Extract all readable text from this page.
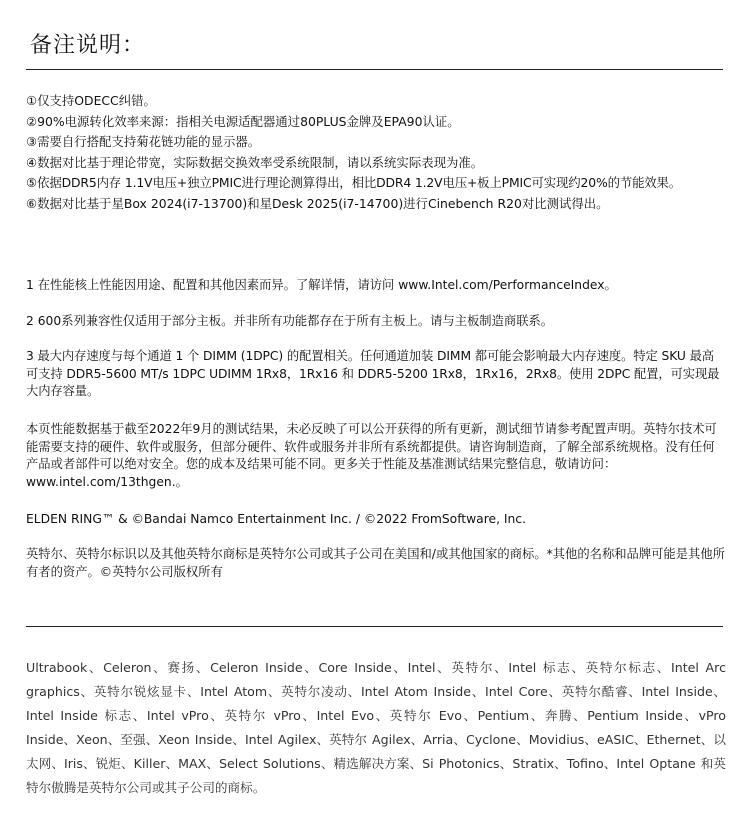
备注说明：
① 仅支持ODECC纠错。
② 90%电源转化效率来源：指相关电源适配器通过80PLUS金牌及EPA90认证。
③ 需要自行搭配支持菊花链功能的显示器。
④ 数据对比基于理论带宽，实际数据交换效率受系统限制，请以系统实际表现为准。
⑤ 依据DDR5内存 1.1V电压+独立PMIC进行理论测算得出，相比DDR4 1.2V电压+板上PMIC可实现约20%的节能效果。
⑥ 数据对比基于星Box 2024(i7-13700)和星Desk 2025(i7-14700)进行Cinebench R20对比测试得出。
1 在性能核上性能因用途、配置和其他因素而异。了解详情，请访问 www.Intel.com/PerformanceIndex。
2 600系列兼容性仅适用于部分主板。并非所有功能都存在于所有主板上。请与主板制造商联系。
3 最大内存速度与每个通道 1 个 DIMM (1DPC) 的配置相关。任何通道加装 DIMM 都可能会影响最大内存速度。特定 SKU 最高可支持 DDR5-5600 MT/s 1DPC UDIMM 1Rx8，1Rx16 和 DDR5-5200 1Rx8，1Rx16，2Rx8。使用 2DPC 配置，可实现最大内存容量。
本页性能数据基于截至2022年9月的测试结果，未必反映了可以公开获得的所有更新，测试细节请参考配置声明。英特尔技术可能需要支持的硬件、软件或服务，但部分硬件、软件或服务并非所有系统都提供。请咨询制造商，了解全部系统规格。没有任何产品或者部件可以绝对安全。您的成本及结果可能不同。更多关于性能及基准测试结果完整信息，敬请访问： www.intel.com/13thgen.。
ELDEN RING™ & ©Bandai Namco Entertainment Inc. / ©2022 FromSoftware, Inc.
英特尔、英特尔标识以及其他英特尔商标是英特尔公司或其子公司在美国和/或其他国家的商标。*其他的名称和品牌可能是其他所有者的资产。©英特尔公司版权所有
Ultrabook、Celeron、赛扬、Celeron Inside、Core Inside、Intel、英特尔、Intel 标志、英特尔标志、Intel Arc graphics、英特尔锐炫显卡、Intel Atom、英特尔凌动、Intel Atom Inside、Intel Core、英特尔酷睿、Intel Inside、Intel Inside 标志、Intel vPro、英特尔 vPro、Intel Evo、英特尔 Evo、Pentium、奔腾、Pentium Inside、vPro Inside、Xeon、至强、Xeon Inside、Intel Agilex、英特尔 Agilex、Arria、Cyclone、Movidius、eASIC、Ethernet、以太网、Iris、锐炬、Killer、MAX、Select Solutions、精选解决方案、Si Photonics、Stratix、Tofino、Intel Optane 和英特尔傲腾是英特尔公司或其子公司的商标。
